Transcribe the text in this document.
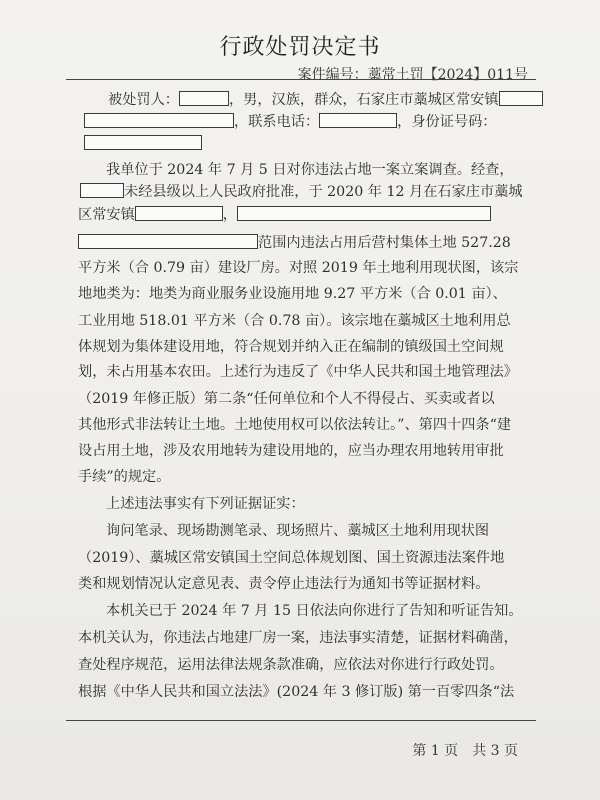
行政处罚决定书
案件编号：藁常土罚【2024】011号
被处罚人：	，男，汉族，群众，石家庄市藁城区常安镇
，联系电话：	，身份证号码：
我单位于 2024 年 7 月 5 日对你违法占地一案立案调查。经查，
未经县级以上人民政府批准，于 2020 年 12 月在石家庄市藁城
区常安镇	，
范围内违法占用后营村集体土地 527.28
平方米（合 0.79 亩）建设厂房。对照 2019 年土地利用现状图，该宗
地地类为：地类为商业服务业设施用地 9.27 平方米（合 0.01 亩）、
工业用地 518.01 平方米（合 0.78 亩）。该宗地在藁城区土地利用总
体规划为集体建设用地，符合规划并纳入正在编制的镇级国土空间规
划，未占用基本农田。上述行为违反了《中华人民共和国土地管理法》
（2019 年修正版）第二条“任何单位和个人不得侵占、买卖或者以
其他形式非法转让土地。土地使用权可以依法转让。”、第四十四条“建
设占用土地，涉及农用地转为建设用地的，应当办理农用地转用审批
手续”的规定。
上述违法事实有下列证据证实：
询问笔录、现场勘测笔录、现场照片、藁城区土地利用现状图
（2019）、藁城区常安镇国土空间总体规划图、国土资源违法案件地
类和规划情况认定意见表、责令停止违法行为通知书等证据材料。
本机关已于 2024 年 7 月 15 日依法向你进行了告知和听证告知。
本机关认为，你违法占地建厂房一案，违法事实清楚，证据材料确凿，
查处程序规范，运用法律法规条款准确，应依法对你进行行政处罚。
根据《中华人民共和国立法法》(2024 年 3 修订版) 第一百零四条“法
第 1 页 共 3 页
